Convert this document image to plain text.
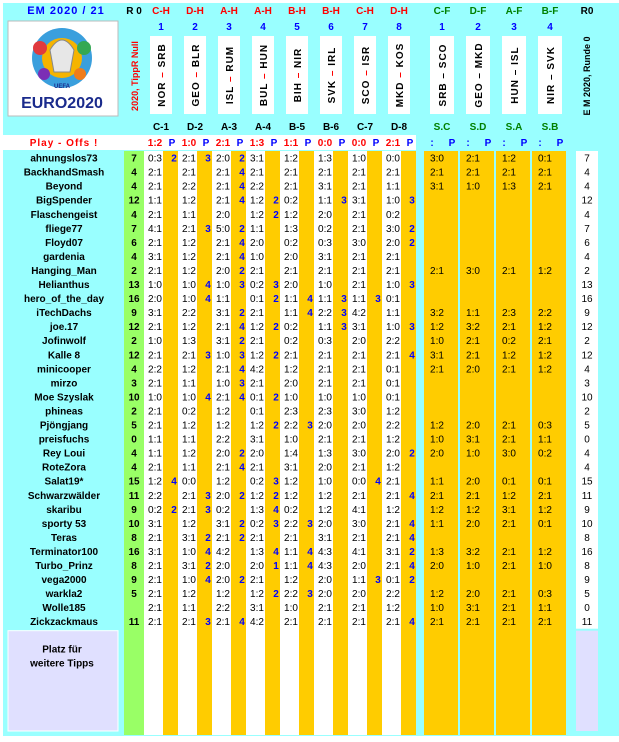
EM 2020 / 21
UEFA
EURO2020
R 0
2020, TippR Null
C-H
1
NOR – SRB
C-1
D-H
2
GEO – BLR
D-2
A-H
3
ISL – RUM
A-3
A-H
4
BUL – HUN
A-4
B-H
5
BIH – NIR
B-5
B-H
6
SVK – IRL
B-6
C-H
7
SCO – ISR
C-7
D-H
8
MKD – KOS
D-8
C-F
1
SRB – SCO
S.C
D-F
2
GEO – MKD
S.D
A-F
3
HUN – ISL
S.A
B-F
4
NIR – SVK
S.B
R0
E M 2020, Runde 0
Play - Offs !	1:2 P 1:0 P 2:1 P 1:3 P 1:1 P 0:0 P 0:0 P 2:1 P : P : P : P : P
ahnungslos73	7 0:3 2 2:1 3 2:0 2 3:1 1:2 1:3 1:0 0:0	3:0 2:1 1:2 0:1	7
BackhandSmash	4 2:1 2:1 2:1 4 2:1 2:1 2:1 2:1 2:1	2:1 2:1 2:1 2:1	4
Beyond	4 2:1 2:2 2:1 4 2:2 2:1 3:1 2:1 1:1	3:1 1:0 1:3 2:1	4
BigSpender	12 1:1 1:2 2:1 4 1:2 2 0:2 1:1 3 3:1 1:0 3	12
Flaschengeist	4 2:1 1:1 2:0 1:2 2 1:2 2:0 2:1 0:2	4
fliege77	7 4:1 2:1 3 5:0 2 1:1 1:3 0:2 2:1 3:0 2	7
Floyd07	6 2:1 1:2 2:1 4 2:0 0:2 0:3 3:0 2:0 2	6
gardenia	4 3:1 1:2 2:1 4 1:0 2:0 3:1 2:1 2:1	4
Hanging_Man	2 2:1 1:2 2:0 2 2:1 2:1 2:1 2:1 2:1	2:1 3:0 2:1 1:2	2
Helianthus	13 1:0 1:0 4 1:0 3 0:2 3 2:0 1:0 2:1 1:0 3	13
hero_of_the_day 16 2:0 1:0 4 1:1 0:1 2 1:1 4 1:1 3 1:1 3 0:1	16
iTechDachs	9 3:1 2:2 3:1 2 2:1 1:1 4 2:2 3 4:2 1:1	3:2 1:1 2:3 2:2	9
joe.17	12 2:1 1:2 2:1 4 1:2 2 0:2 1:1 3 3:1 1:0 3 1:2 3:2 2:1 1:2	12
Jofinwolf	2 1:0 1:3 3:1 2 2:1 0:2 0:3 2:0 2:2	1:0 2:1 0:2 2:1	2
Kalle 8	12 2:1 2:1 3 1:0 3 1:2 2 2:1 2:1 2:1 2:1 4 3:1 2:1 1:2 1:2	12
minicooper	4 2:2 1:2 2:1 4 4:2 1:2 2:1 2:1 0:1	2:1 2:0 2:1 1:2	4
mirzo	3 2:1 1:1 1:0 3 2:1 2:0 2:1 2:1 0:1	3
Moe Szyslak	10 1:0 1:0 4 2:1 4 0:1 2 1:0 1:0 1:0 0:1	10
phineas	2 2:1 0:2 1:2 0:1 2:3 2:3 3:0 1:2	2
Pjöngjang	5 2:1 1:2 1:2 1:2 2 2:2 3 2:0 2:0 2:2	1:2 2:0 2:1 0:3	5
preisfuchs	0 1:1 1:1 2:2 3:1 1:0 2:1 2:1 1:2	1:0 3:1 2:1 1:1	0
Rey Loui	4 1:1 1:2 2:0 2 2:0 1:4 1:3 3:0 2:0 2 2:0 1:0 3:0 0:2	4
RoteZora	4 2:1 1:1 2:1 4 2:1 3:1 2:0 2:1 1:2	4
Salat19*	15 1:2 4 0:0 1:2 0:2 3 1:2 1:0 0:0 4 2:1	1:1 2:0 0:1 0:1	15
Schwarzwälder	11 2:2 2:1 3 2:0 2 1:2 2 1:2 1:2 2:1 2:1 4 2:1 2:1 1:2 2:1	11
skaribu	9 0:2 2 2:1 3 0:2 1:3 4 0:2 1:2 4:1 1:2	1:2 1:2 3:1 1:2	9
sporty 53	10 3:1 1:2 3:1 2 0:2 3 2:2 3 2:0 3:0 2:1 4 1:1 2:0 2:1 0:1	10
Teras	8 2:1 3:1 2 2:1 2 2:1 2:1 3:1 2:1 2:1 4	8
Terminator100	16 3:1 1:0 4 4:2 1:3 4 1:1 4 4:3 4:1 3:1 2 1:3 3:2 2:1 1:2	16
Turbo_Prinz	8 2:1 3:1 2 2:0 2:0 1 1:1 4 4:3 2:0 2:1 4 2:0 1:0 2:1 1:0	8
vega2000	9 2:1 1:0 4 2:0 2 2:1 1:2 2:0 1:1 3 0:1 2	9
warkla2	5 2:1 1:2 1:2 1:2 2 2:2 3 2:0 2:0 2:2	1:2 2:0 2:1 0:3	5
Wolle185	2:1 1:1 2:2 3:1 1:0 2:1 2:1 1:2	1:0 3:1 2:1 1:1	0
Zickzackmaus	11 2:1 2:1 3 2:1 4 4:2 2:1 2:1 2:1 2:1 4 2:1 2:1 2:1 2:1	11
Platz für weitere Tipps
